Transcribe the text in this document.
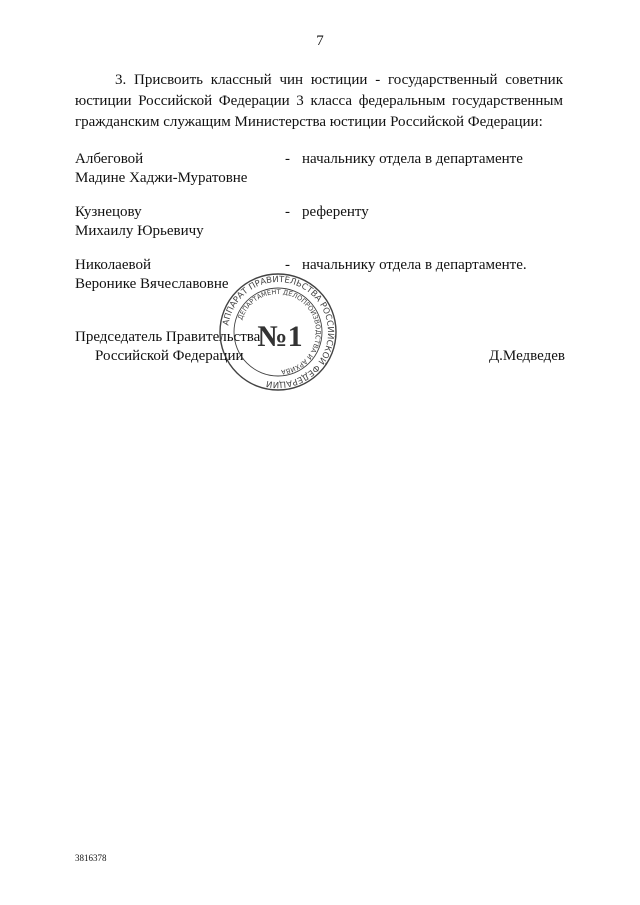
7
3. Присвоить классный чин юстиции - государственный советник юстиции Российской Федерации 3 класса федеральным государственным гражданским служащим Министерства юстиции Российской Федерации:
Албеговой
Мадине Хаджи-Муратовне
- начальнику отдела в департаменте
Кузнецову
Михаилу Юрьевичу
- референту
Николаевой
Веронике Вячеславовне
- начальнику отдела в департаменте.
Председатель Правительства
Российской Федерации	Д.Медведев
АППАРАТ ПРАВИТЕЛЬСТВА РОССИЙСКОЙ ФЕДЕРАЦИИ
ДЕПАРТАМЕНТ ДЕЛОПРОИЗВОДСТВА И АРХИВА
№1
3816378
